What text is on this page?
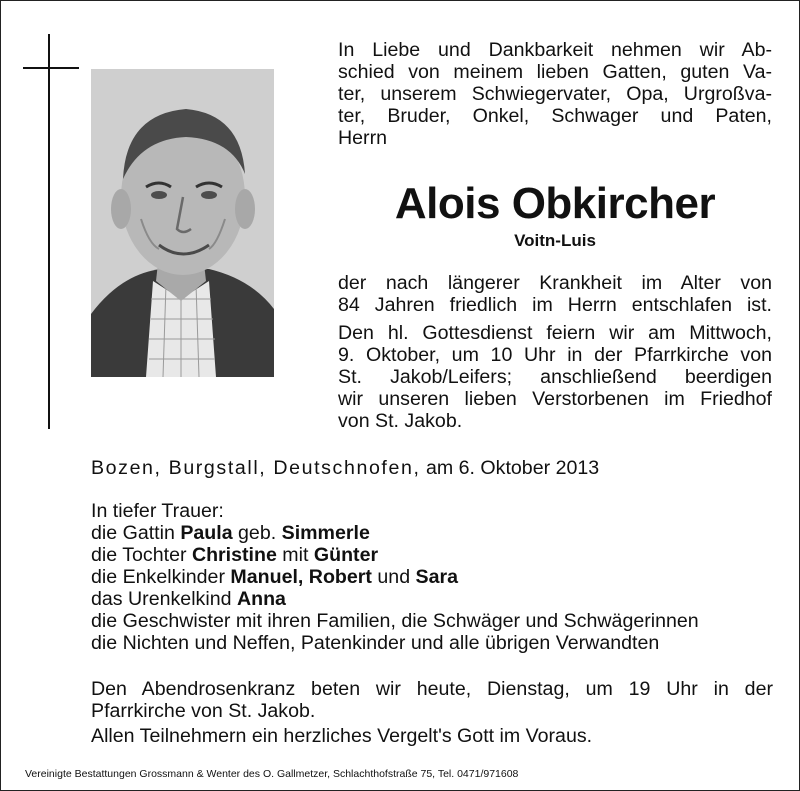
In Liebe und Dankbarkeit nehmen wir Ab-
schied von meinem lieben Gatten, guten Va-
ter, unserem Schwiegervater, Opa, Urgroßva-
ter, Bruder, Onkel, Schwager und Paten,
Herrn
Alois Obkircher
Voitn-Luis
der nach längerer Krankheit im Alter von
84 Jahren friedlich im Herrn entschlafen ist.
Den hl. Gottesdienst feiern wir am Mittwoch,
9. Oktober, um 10 Uhr in der Pfarrkirche von
St. Jakob/Leifers; anschließend beerdigen
wir unseren lieben Verstorbenen im Friedhof
von St. Jakob.
Bozen, Burgstall, Deutschnofen, am 6. Oktober 2013
In tiefer Trauer:
die Gattin Paula geb. Simmerle
die Tochter Christine mit Günter
die Enkelkinder Manuel, Robert und Sara
das Urenkelkind Anna
die Geschwister mit ihren Familien, die Schwäger und Schwägerinnen
die Nichten und Neffen, Patenkinder und alle übrigen Verwandten
Den Abendrosenkranz beten wir heute, Dienstag, um 19 Uhr in der
Pfarrkirche von St. Jakob.
Allen Teilnehmern ein herzliches Vergelt's Gott im Voraus.
Vereinigte Bestattungen Grossmann & Wenter des O. Gallmetzer, Schlachthofstraße 75, Tel. 0471/971608
